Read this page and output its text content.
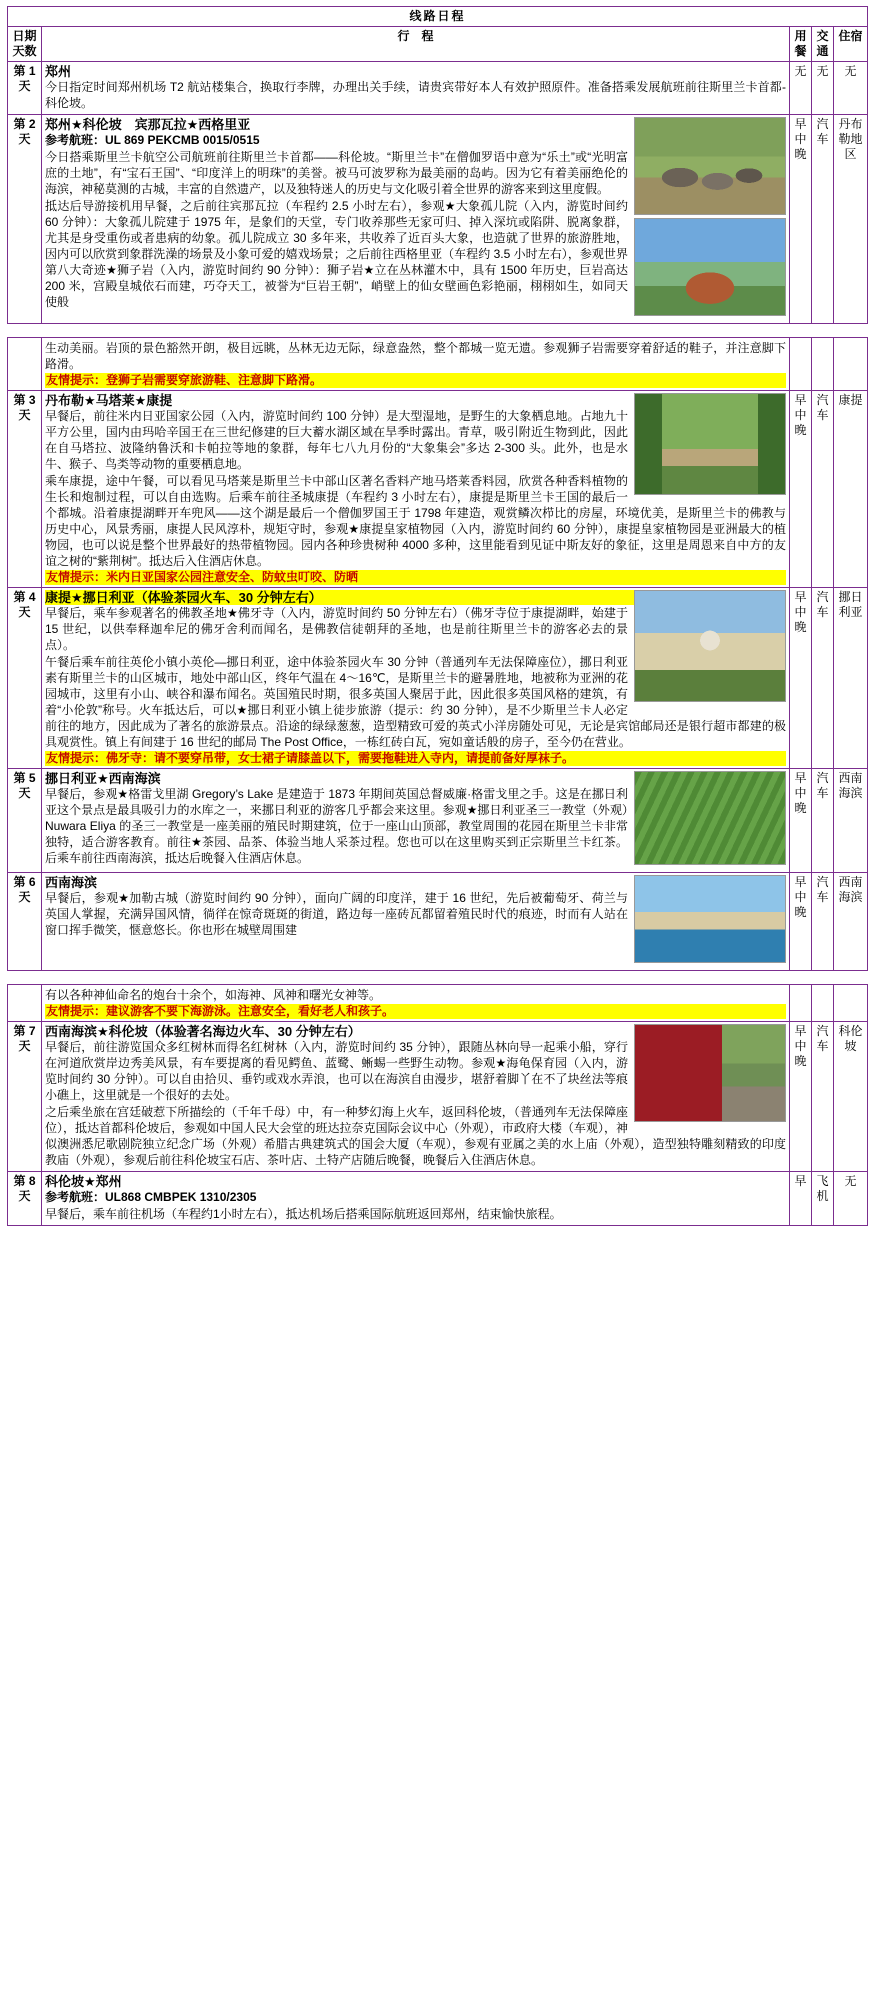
线路日程				
日期
天数	行　程	用餐	交通	住宿
第 1 天	郑州

今日指定时间郑州机场 T2 航站楼集合，换取行李牌，办理出关手续，请贵宾带好本人有效护照原件。准备搭乘发展航班前往斯里兰卡首都-科伦坡。	无	无	无
第 2 天	郑州★科伦坡　宾那瓦拉★西格里亚

参考航班：UL 869 PEKCMB 0015/0515

今日搭乘斯里兰卡航空公司航班前往斯里兰卡首都——科伦坡。“斯里兰卡”在僧伽罗语中意为“乐土”或“光明富庶的土地”，有“宝石王国”、“印度洋上的明珠”的美誉。被马可波罗称为最美丽的岛屿。因为它有着美丽绝伦的海滨，神秘莫测的古城，丰富的自然遗产，以及独特迷人的历史与文化吸引着全世界的游客来到这里度假。

抵达后导游接机用早餐，之后前往宾那瓦拉（车程约 2.5 小时左右），参观★大象孤儿院（入内，游览时间约 60 分钟）：大象孤儿院建于 1975 年，是象们的天堂，专门收养那些无家可归、掉入深坑或陷阱、脱离象群，尤其是身受重伤或者患病的幼象。孤儿院成立 30 多年来，共收养了近百头大象，也造就了世界的旅游胜地，因内可以欣赏到象群洗澡的场景及小象可爱的嬉戏场景；之后前往西格里亚（车程约 3.5 小时左右），参观世界第八大奇迹★狮子岩（入内，游览时间约 90 分钟）：狮子岩★立在丛林灌木中，具有 1500 年历史，巨岩高达 200 米，宫殿皇城依石而建，巧夺天工，被誉为“巨岩王朝”，峭壁上的仙女壁画色彩艳丽，栩栩如生，如同天使般	早中晚	汽车	丹布勒地区

	生动美丽。岩顶的景色豁然开朗，极目远眺，丛林无边无际，绿意盎然，整个都城一览无遗。参观狮子岩需要穿着舒适的鞋子，并注意脚下路滑。

友情提示：登狮子岩需要穿旅游鞋、注意脚下路滑。			

第 3 天	丹布勒★马塔莱★康提

早餐后，前往米内日亚国家公园（入内，游览时间约 100 分钟）是大型湿地，是野生的大象栖息地。占地九十平方公里，国内由玛哈辛国王在三世纪修建的巨大蓄水湖区域在旱季时露出。青草，吸引附近生物到此，因此在自马塔拉、波隆纳鲁沃和卡帕拉等地的象群，每年七八九月份的“大象集会”多达 2-300 头。此外，也是水牛、猴子、鸟类等动物的重要栖息地。

乘车康提，途中午餐，可以看见马塔莱是斯里兰卡中部山区著名香料产地马塔莱香料园，欣赏各种香料植物的生长和炮制过程，可以自由选购。后乘车前往圣城康提（车程约 3 小时左右），康提是斯里兰卡王国的最后一个都城。沿着康提湖畔开车兜风——这个湖是最后一个僧伽罗国王于 1798 年建造，观赏鳞次栉比的房屋，环境优美，是斯里兰卡的佛教与历史中心，风景秀丽，康提人民风淳朴，规矩守时，参观★康提皇家植物园（入内，游览时间约 60 分钟），康提皇家植物园是亚洲最大的植物园，也可以说是整个世界最好的热带植物园。园内各种珍贵树种 4000 多种，这里能看到见证中斯友好的象征，这里是周恩来自中方的友谊之树的“紫荆树”。抵达后入住酒店休息。

友情提示：米内日亚国家公园注意安全、防蚊虫叮咬、防晒	早中晚	汽车	康提
第 4 天	康提★挪日利亚（体验茶园火车、30 分钟左右）

早餐后，乘车参观著名的佛教圣地★佛牙寺（入内，游览时间约 50 分钟左右）（佛牙寺位于康提湖畔，始建于 15 世纪，以供奉释迦牟尼的佛牙舍利而闻名，是佛教信徒朝拜的圣地，也是前往斯里兰卡的游客必去的景点）。

午餐后乘车前往英伦小镇小英伦—挪日利亚，途中体验茶园火车 30 分钟（普通列车无法保障座位），挪日利亚素有斯里兰卡的山区城市，地处中部山区，终年气温在 4～16℃，是斯里兰卡的避暑胜地，地被称为亚洲的花园城市，这里有小山、峡谷和瀑布闻名。英国殖民时期，很多英国人聚居于此，因此很多英国风格的建筑，有着“小伦敦”称号。火车抵达后，可以★挪日利亚小镇上徒步旅游（提示：约 30 分钟），是不少斯里兰卡人必定前往的地方，因此成为了著名的旅游景点。沿途的绿绿葱葱，造型精致可爱的英式小洋房随处可见，无论是宾馆邮局还是银行超市都建的极具观赏性。镇上有间建于 16 世纪的邮局 The Post Office，一栋红砖白瓦，宛如童话般的房子，至今仍在营业。

友情提示：佛牙寺：请不要穿吊带，女士裙子请膝盖以下，需要拖鞋进入寺内，请提前备好厚袜子。	早中晚	汽车	挪日利亚
第 5 天	挪日利亚★西南海滨

早餐后，参观★格雷戈里湖 Gregory’s Lake 是建造于 1873 年期间英国总督威廉·格雷戈里之手。这是在挪日利亚这个景点是最具吸引力的水库之一，来挪日利亚的游客几乎都会来这里。参观★挪日利亚圣三一教堂（外观）Nuwara Eliya 的圣三一教堂是一座美丽的殖民时期建筑，位于一座山山顶部，教堂周围的花园在斯里兰卡非常独特，适合游客教育。前往★茶园、品茶、体验当地人采茶过程。您也可以在这里购买到正宗斯里兰卡红茶。后乘车前往西南海滨，抵达后晚餐入住酒店休息。	早中晚	汽车	西南海滨
第 6 天	西南海滨

早餐后，参观★加勒古城（游览时间约 90 分钟），面向广阔的印度洋，建于 16 世纪，先后被葡萄牙、荷兰与英国人掌握，充满异国风情，徜徉在惊奇斑斑的街道，路边每一座砖瓦都留着殖民时代的痕迹，时而有人站在窗口挥手微笑，惬意悠长。你也形在城壁周围建	早中晚	汽车	西南海滨

	有以各种神仙命名的炮台十余个，如海神、风神和曙光女神等。

友情提示：建议游客不要下海游泳。注意安全，看好老人和孩子。			

第 7 天	西南海滨★科伦坡（体验著名海边火车、30 分钟左右）

早餐后，前往游览国众多红树林而得名红树林（入内，游览时间约 35 分钟），跟随丛林向导一起乘小船，穿行在河道欣赏岸边秀美风景，有车要提离的看见鳄鱼、蓝鹭、蜥蜴一些野生动物。参观★海龟保育园（入内，游览时间约 30 分钟）。可以自由拾贝、垂钓或戏水弄浪，也可以在海滨自由漫步，堪舒着脚丫在不了块丝法等痕小礁上，这里就是一个很好的去处。

之后乘坐旅在宫廷破惹下所描绘的（千年千母）中，有一种梦幻海上火车，返回科伦坡，（普通列车无法保障座位），抵达首都科伦坡后，参观如中国人民大会堂的班达拉奈克国际会议中心（外观），市政府大楼（车观），神似澳洲悉尼歌剧院独立纪念广场（外观）希腊古典建筑式的国会大厦（车观），参观有亚属之美的水上庙（外观），造型独特雕刻精致的印度教庙（外观），参观后前往科伦坡宝石店、茶叶店、土特产店随后晚餐，晚餐后入住酒店休息。	早中晚	汽车	科伦坡
第 8 天	科伦坡★郑州

参考航班：UL868 CMBPEK 1310/2305

早餐后，乘车前往机场（车程约1小时左右），抵达机场后搭乘国际航班返回郑州，结束愉快旅程。	早	飞机	无
